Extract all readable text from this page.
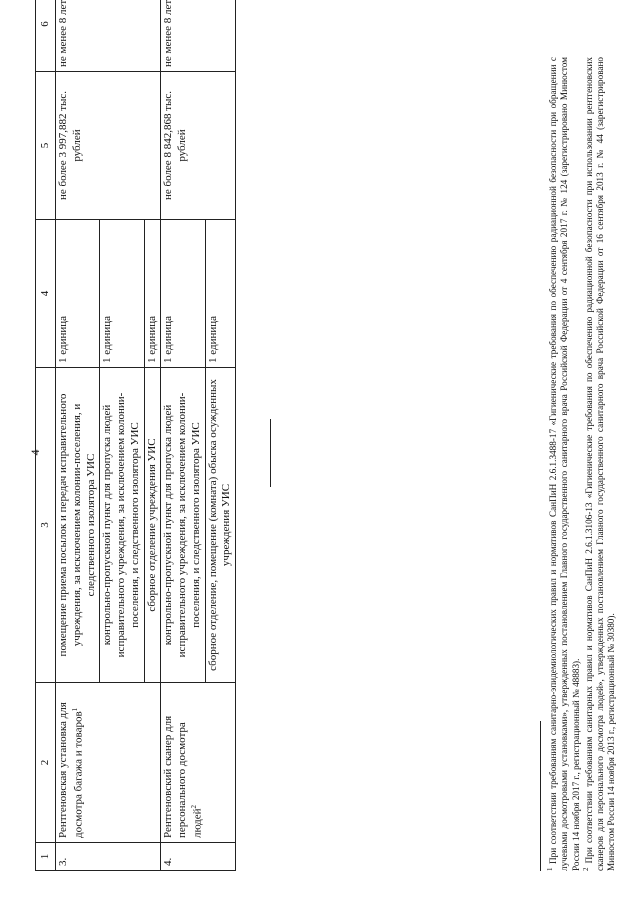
4
1	2	3	4	5	6
3.	Рентгеновская установка для досмотра багажа и товаров$^1$	помещение приема посылок и передач исправительного учреждения, за исключением колонии-поселения, и следственного изолятора УИС	1 единица	не более 3 997,882 тыс. рублей	не менее 8 лет
		контрольно-пропускной пункт для пропуска людей исправительного учреждения, за исключением колонии-поселения, и следственного изолятора УИС	1 единица		
		сборное отделение учреждения УИС	1 единица		
4.	Рентгеновский сканер для персонального досмотра людей$^2$	контрольно-пропускной пункт для пропуска людей исправительного учреждения, за исключением колонии-поселения, и следственного изолятора УИС	1 единица	не более 8 842,868 тыс. рублей	не менее 8 лет
		сборное отделение, помещение (комната) обыска осужденных учреждения УИС	1 единица		

$^1$ При соответствии требованиям санитарно-эпидемиологических правил и нормативов СанПиН 2.6.1.3488-17 «Гигиенические требования по обеспечению радиационной безопасности при обращении с лучевыми досмотровыми установками», утвержденных постановлением Главного государственного санитарного врача Российской Федерации от 4 сентября 2017 г. № 124 (зарегистрировано Минюстом России 14 ноября 2017 г., регистрационный № 48883). $^2$ При соответствии требованиям санитарных правил и нормативов СанПиН 2.6.1.3106-13 «Гигиенические требования по обеспечению радиационной безопасности при использовании рентгеновских сканеров для персонального досмотра людей», утвержденных постановлением Главного государственного санитарного врача Российской Федерации от 16 сентября 2013 г. № 44 (зарегистрировано Минюстом России 14 ноября 2013 г., регистрационный № 30380).
